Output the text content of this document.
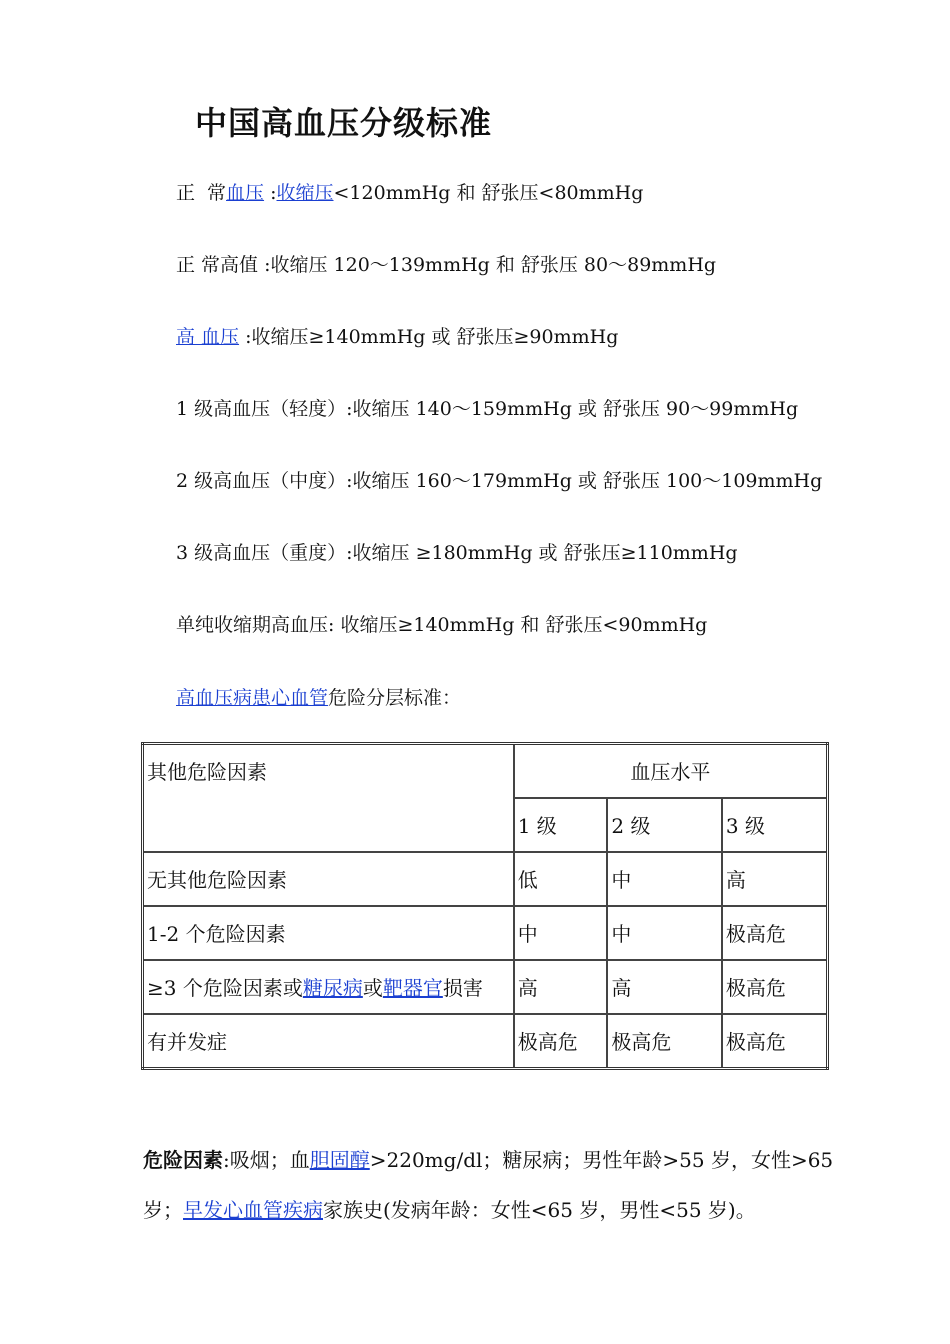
中国高血压分级标准
正 常血压 :收缩压<120mmHg 和 舒张压<80mmHg
正 常高值 :收缩压 120～139mmHg 和 舒张压 80～89mmHg
高 血压 :收缩压≥140mmHg 或 舒张压≥90mmHg
1 级高血压（轻度）:收缩压 140～159mmHg 或 舒张压 90～99mmHg
2 级高血压（中度）:收缩压 160～179mmHg 或 舒张压 100～109mmHg
3 级高血压（重度）:收缩压 ≥180mmHg 或 舒张压≥110mmHg
单纯收缩期高血压: 收缩压≥140mmHg 和 舒张压<90mmHg
高血压病患心血管危险分层标准：
其他危险因素	血压水平		
	1 级	2 级	3 级
无其他危险因素	低	中	高
1-2 个危险因素	中	中	极高危
≥3 个危险因素或糖尿病或靶器官损害	高	高	极高危
有并发症	极高危	极高危	极高危
危险因素:吸烟；血胆固醇>220mg/dl；糖尿病；男性年龄>55 岁，女性>65 岁；早发心血管疾病家族史(发病年龄：女性<65 岁，男性<55 岁)。
